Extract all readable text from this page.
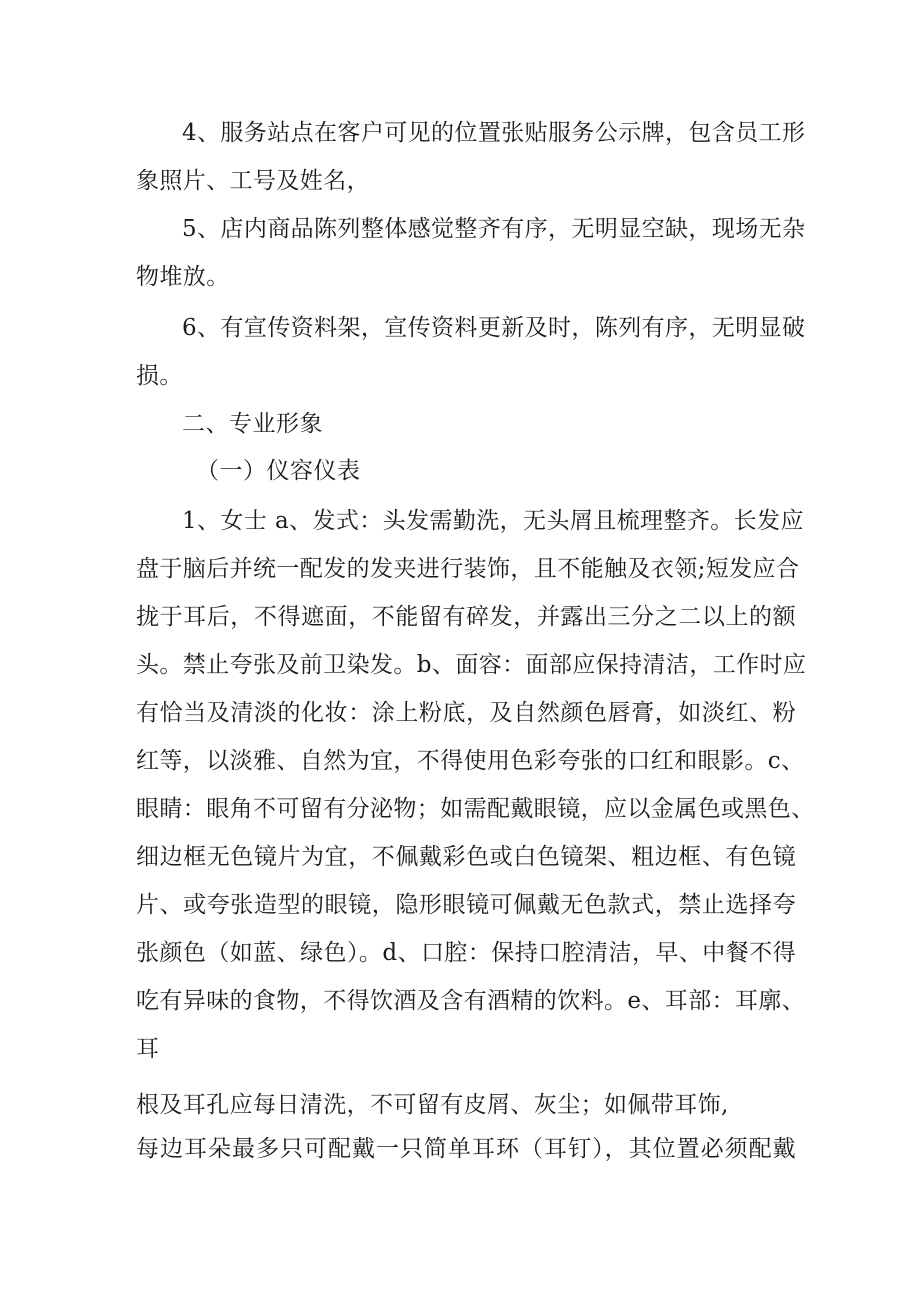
4、服务站点在客户可见的位置张贴服务公示牌，包含员工形
象照片、工号及姓名，
5、店内商品陈列整体感觉整齐有序，无明显空缺，现场无杂
物堆放。
6、有宣传资料架，宣传资料更新及时，陈列有序，无明显破
损。
二、专业形象
（一）仪容仪表
1、女士 a、发式：头发需勤洗，无头屑且梳理整齐。长发应
盘于脑后并统一配发的发夹进行装饰，且不能触及衣领;短发应合
拢于耳后，不得遮面，不能留有碎发，并露出三分之二以上的额
头。禁止夸张及前卫染发。b、面容：面部应保持清洁，工作时应
有恰当及清淡的化妆：涂上粉底，及自然颜色唇膏，如淡红、粉
红等，以淡雅、自然为宜，不得使用色彩夸张的口红和眼影。c、
眼睛：眼角不可留有分泌物；如需配戴眼镜，应以金属色或黑色、
细边框无色镜片为宜，不佩戴彩色或白色镜架、粗边框、有色镜
片、或夸张造型的眼镜，隐形眼镜可佩戴无色款式，禁止选择夸
张颜色（如蓝、绿色）。d、口腔：保持口腔清洁，早、中餐不得
吃有异味的食物，不得饮酒及含有酒精的饮料。e、耳部：耳廓、
耳
根及耳孔应每日清洗，不可留有皮屑、灰尘；如佩带耳饰,
每边耳朵最多只可配戴一只简单耳环（耳钉），其位置必须配戴
